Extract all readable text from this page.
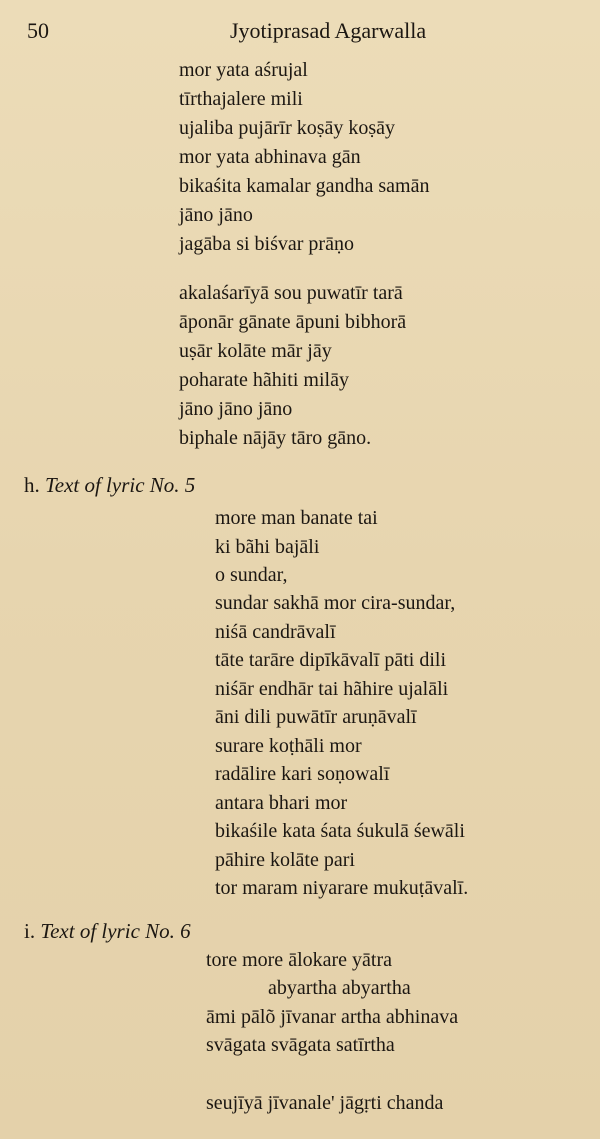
50	Jyotiprasad Agarwalla
mor yata aśrujal
tīrthajalere mili
ujaliba pujārīr koṣāy koṣāy
mor yata abhinava gān
bikaśita kamalar gandha samān
jāno jāno
jagāba si biśvar prāṇo
akalaśarīyā sou puwatīr tarā
āponār gānate āpuni bibhorā
uṣār kolāte mār jāy
poharate hãhiti milāy
jāno jāno jāno
biphale nājāy tāro gāno.
h. Text of lyric No. 5
more man banate tai
ki bãhi bajāli
o sundar,
sundar sakhā mor cira-sundar,
niśā candrāvalī
tāte tarāre dipīkāvalī pāti dili
niśār endhār tai hãhire ujalāli
āni dili puwātīr aruṇāvalī
surare koṭhāli mor
radālire kari soṇowalī
antara bhari mor
bikaśile kata śata śukulā śewāli
pāhire kolāte pari
tor maram niyarare mukuṭāvalī.
i. Text of lyric No. 6
tore more ālokare yātra
abyartha abyartha
āmi pālõ jīvanar artha abhinava
svāgata svāgata satīrtha
seujīyā jīvanale' jāgṛti chanda
